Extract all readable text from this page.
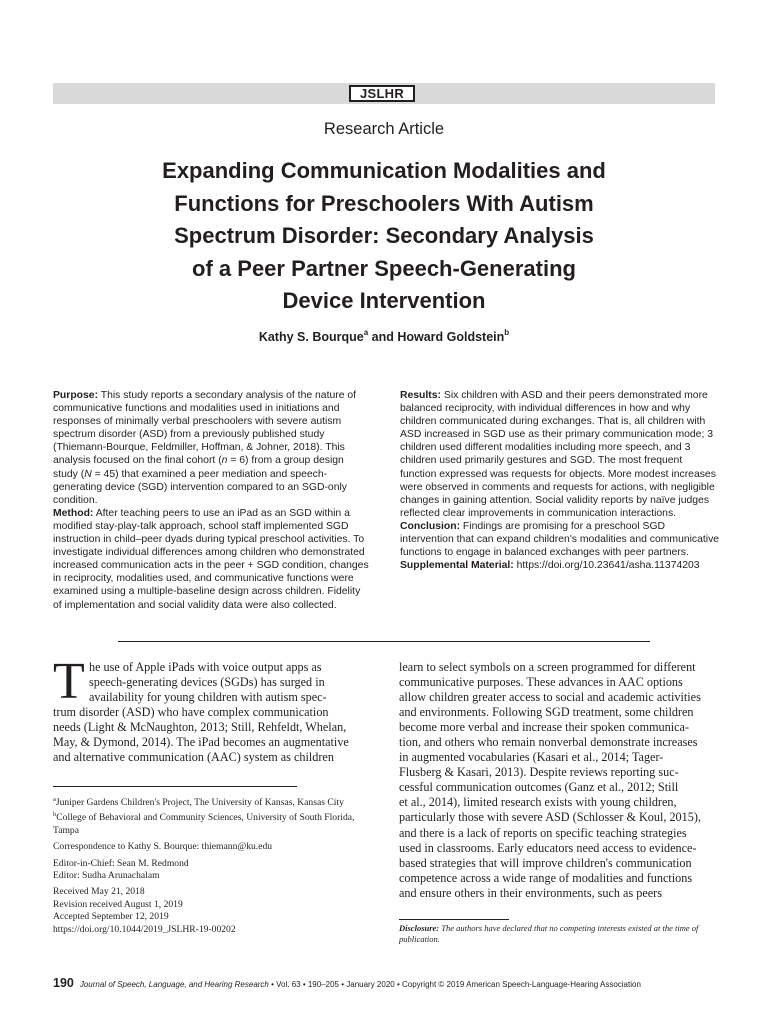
JSLHR
Research Article
Expanding Communication Modalities and
Functions for Preschoolers With Autism
Spectrum Disorder: Secondary Analysis
of a Peer Partner Speech-Generating
Device Intervention
Kathy S. Bourque$^a$ and Howard Goldstein$^b$

Purpose: This study reports a secondary analysis of the nature of communicative functions and modalities used in initiations and responses of minimally verbal preschoolers with severe autism spectrum disorder (ASD) from a previously published study (Thiemann-Bourque, Feldmiller, Hoffman, & Johner, 2018). This analysis focused on the final cohort (n = 6) from a group design study (N = 45) that examined a peer mediation and speech-generating device (SGD) intervention compared to an SGD-only condition.

Method: After teaching peers to use an iPad as an SGD within a modified stay-play-talk approach, school staff implemented SGD instruction in child–peer dyads during typical preschool activities. To investigate individual differences among children who demonstrated increased communication acts in the peer + SGD condition, changes in reciprocity, modalities used, and communicative functions were examined using a multiple-baseline design across children. Fidelity of implementation and social validity data were also collected.

Results: Six children with ASD and their peers demonstrated more balanced reciprocity, with individual differences in how and why children communicated during exchanges. That is, all children with ASD increased in SGD use as their primary communication mode; 3 children used different modalities including more speech, and 3 children used primarily gestures and SGD. The most frequent function expressed was requests for objects. More modest increases were observed in comments and requests for actions, with negligible changes in gaining attention. Social validity reports by naïve judges reflected clear improvements in communication interactions.

Conclusion: Findings are promising for a preschool SGD intervention that can expand children's modalities and communicative functions to engage in balanced exchanges with peer partners.

Supplemental Material: https://doi.org/10.23641/asha.11374203

T he use of Apple iPads with voice output apps as
speech-generating devices (SGDs) has surged in
availability for young children with autism spec-
trum disorder (ASD) who have complex communication
needs (Light & McNaughton, 2013; Still, Rehfeldt, Whelan,
May, & Dymond, 2014). The iPad becomes an augmentative
and alternative communication (AAC) system as children

$^a$Juniper Gardens Children's Project, The University of Kansas, Kansas City

$^b$College of Behavioral and Community Sciences, University of South Florida, Tampa

Correspondence to Kathy S. Bourque: thiemann@ku.edu

Editor-in-Chief: Sean M. Redmond

Editor: Sudha Arunachalam

Received May 21, 2018

Revision received August 1, 2019

Accepted September 12, 2019

https://doi.org/10.1044/2019_JSLHR-19-00202

learn to select symbols on a screen programmed for different
communicative purposes. These advances in AAC options
allow children greater access to social and academic activities
and environments. Following SGD treatment, some children
become more verbal and increase their spoken communica-
tion, and others who remain nonverbal demonstrate increases
in augmented vocabularies (Kasari et al., 2014; Tager-
Flusberg & Kasari, 2013). Despite reviews reporting suc-
cessful communication outcomes (Ganz et al., 2012; Still
et al., 2014), limited research exists with young children,
particularly those with severe ASD (Schlosser & Koul, 2015),
and there is a lack of reports on specific teaching strategies
used in classrooms. Early educators need access to evidence-
based strategies that will improve children's communication
competence across a wide range of modalities and functions
and ensure others in their environments, such as peers
Disclosure: The authors have declared that no competing interests existed at the time of publication.
190 Journal of Speech, Language, and Hearing Research • Vol. 63 • 190–205 • January 2020 • Copyright © 2019 American Speech-Language-Hearing Association
